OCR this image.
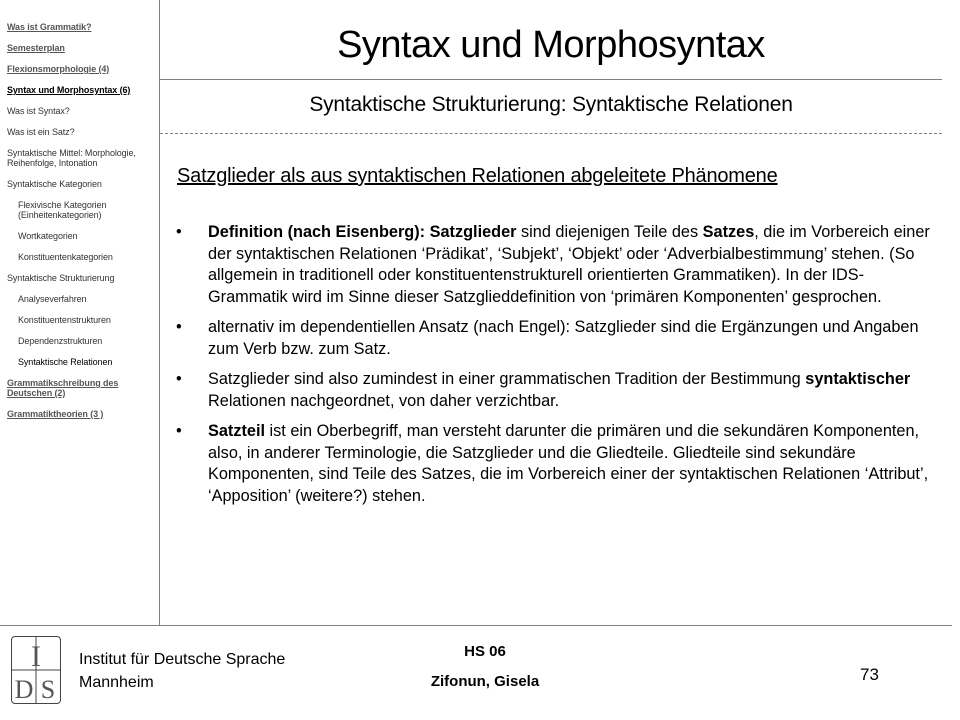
Was ist Grammatik?
Semesterplan
Flexionsmorphologie (4)
Syntax und Morphosyntax (6)
Was ist Syntax?
Was ist ein Satz?
Syntaktische Mittel: Morphologie, Reihenfolge, Intonation
Syntaktische Kategorien
Flexivische Kategorien (Einheitenkategorien)
Wortkategorien
Konstituentenkategorien
Syntaktische Strukturierung
Analyseverfahren
Konstituentenstrukturen
Dependenzstrukturen
Syntaktische Relationen
Grammatikschreibung des Deutschen (2)
Grammatiktheorien (3 )
Syntax und Morphosyntax
Syntaktische Strukturierung: Syntaktische Relationen
Satzglieder als aus syntaktischen Relationen abgeleitete Phänomene
•	Definition (nach Eisenberg): Satzglieder sind diejenigen Teile des Satzes, die im Vorbereich einer der syntaktischen Relationen ‘Prädikat’, ‘Subjekt’, ‘Objekt’ oder ‘Adverbialbestimmung’ stehen. (So allgemein in traditionell oder konstituentenstrukturell orientierten Grammatiken). In der IDS-Grammatik wird im Sinne dieser Satzglieddefinition von ‘primären Komponenten’ gesprochen.
•	alternativ im dependentiellen Ansatz (nach Engel): Satzglieder sind die Ergänzungen und Angaben zum Verb bzw. zum Satz.
•	Satzglieder sind also zumindest in einer grammatischen Tradition der Bestimmung syntaktischer Relationen nachgeordnet, von daher verzichtbar.
•	Satzteil ist ein Oberbegriff, man versteht darunter die primären und die sekundären Komponenten, also, in anderer Terminologie, die Satzglieder und die Gliedteile. Gliedteile sind sekundäre Komponenten, sind Teile des Satzes, die im Vorbereich einer der syntaktischen Relationen ‘Attribut’, ‘Apposition’ (weitere?) stehen.
I
D S
Institut für Deutsche Sprache
Mannheim
HS 06
Zifonun, Gisela	73
